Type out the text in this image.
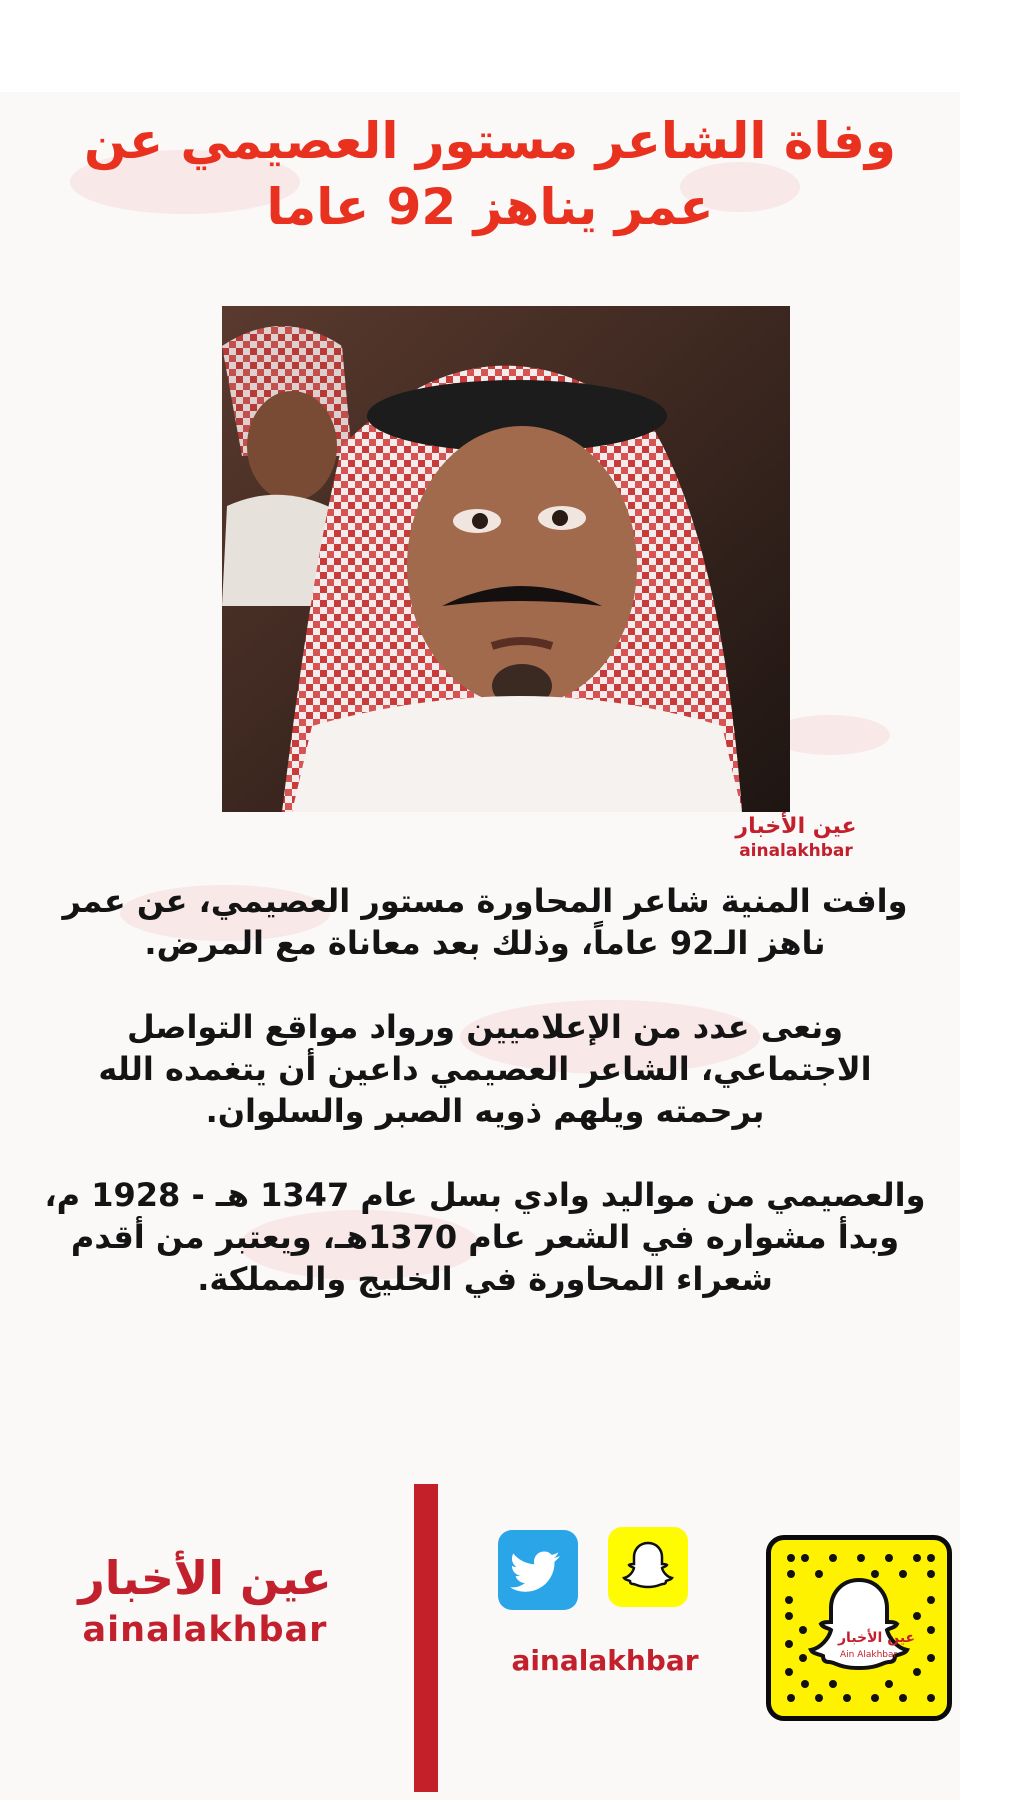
وفاة الشاعر مستور العصيمي عن
عمر يناهز 92 عاما
عين الأخبار
ainalakhbar

وافت المنية شاعر المحاورة مستور العصيمي، عن عمر ناهز الـ92 عاماً، وذلك بعد معاناة مع المرض.

ونعى عدد من الإعلاميين ورواد مواقع التواصل الاجتماعي، الشاعر العصيمي داعين أن يتغمده الله برحمته ويلهم ذويه الصبر والسلوان.

والعصيمي من مواليد وادي بسل عام 1347 هـ - 1928 م، وبدأ مشواره في الشعر عام 1370هـ، ويعتبر من أقدم شعراء المحاورة في الخليج والمملكة.

عين الأخبار
ainalakhbar
ainalakhbar
عين الأخبار
Ain Alakhbar
